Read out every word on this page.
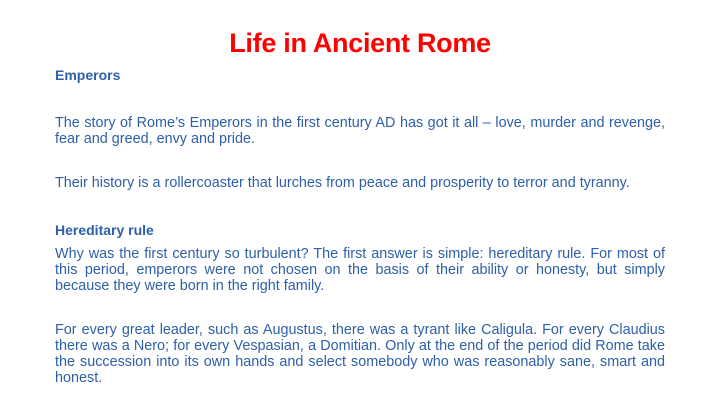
Life in Ancient Rome
Emperors
The story of Rome’s Emperors in the first century AD has got it all – love, murder and revenge, fear and greed, envy and pride.
Their history is a rollercoaster that lurches from peace and prosperity to terror and tyranny.
Hereditary rule
Why was the first century so turbulent? The first answer is simple: hereditary rule. For most of this period, emperors were not chosen on the basis of their ability or honesty, but simply because they were born in the right family.
For every great leader, such as Augustus, there was a tyrant like Caligula. For every Claudius there was a Nero; for every Vespasian, a Domitian. Only at the end of the period did Rome take the succession into its own hands and select somebody who was reasonably sane, smart and honest.
